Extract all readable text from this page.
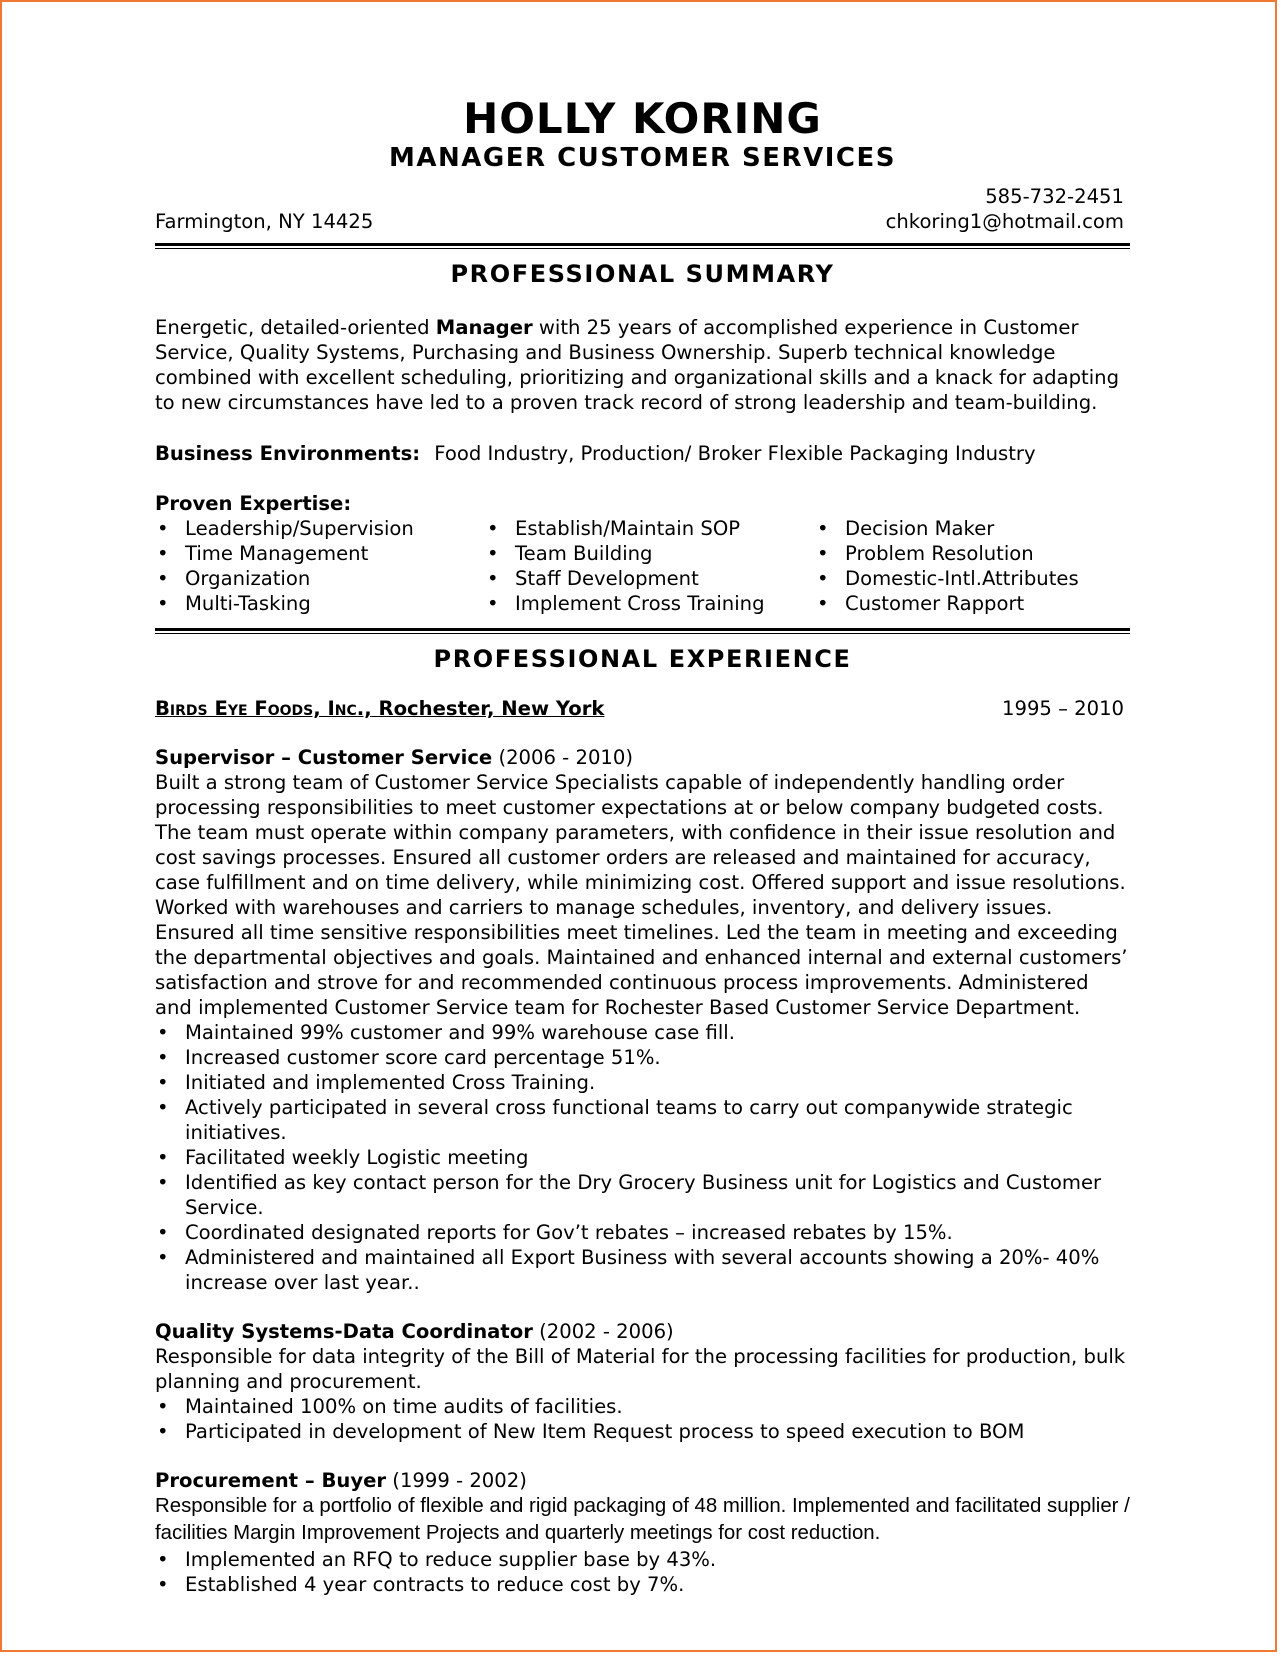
HOLLY KORING
MANAGER CUSTOMER SERVICES
585-732-2451
Farmington, NY 14425	chkoring1@hotmail.com
PROFESSIONAL SUMMARY

Energetic, detailed-oriented Manager with 25 years of accomplished experience in Customer Service, Quality Systems, Purchasing and Business Ownership. Superb technical knowledge combined with excellent scheduling, prioritizing and organizational skills and a knack for adapting to new circumstances have led to a proven track record of strong leadership and team-building.

Business Environments: Food Industry, Production/ Broker Flexible Packaging Industry

Proven Expertise:
• Leadership/Supervision	• Establish/Maintain SOP	• Decision Maker
• Time Management	• Team Building	• Problem Resolution
• Organization	• Staff Development	• Domestic-Intl.Attributes
• Multi-Tasking	• Implement Cross Training	• Customer Rapport
PROFESSIONAL EXPERIENCE
Birds Eye Foods, Inc., Rochester, New York	1995 – 2010

Supervisor – Customer Service (2006 - 2010)

Built a strong team of Customer Service Specialists capable of independently handling order processing responsibilities to meet customer expectations at or below company budgeted costs. The team must operate within company parameters, with confidence in their issue resolution and cost savings processes. Ensured all customer orders are released and maintained for accuracy, case fulfillment and on time delivery, while minimizing cost. Offered support and issue resolutions. Worked with warehouses and carriers to manage schedules, inventory, and delivery issues. Ensured all time sensitive responsibilities meet timelines. Led the team in meeting and exceeding the departmental objectives and goals. Maintained and enhanced internal and external customers’ satisfaction and strove for and recommended continuous process improvements. Administered and implemented Customer Service team for Rochester Based Customer Service Department.

• Maintained 99% customer and 99% warehouse case fill.
• Increased customer score card percentage 51%.
• Initiated and implemented Cross Training.
• Actively participated in several cross functional teams to carry out companywide strategic initiatives.
• Facilitated weekly Logistic meeting
• Identified as key contact person for the Dry Grocery Business unit for Logistics and Customer Service.
• Coordinated designated reports for Gov’t rebates – increased rebates by 15%.
• Administered and maintained all Export Business with several accounts showing a 20%- 40% increase over last year..

Quality Systems-Data Coordinator (2002 - 2006)

Responsible for data integrity of the Bill of Material for the processing facilities for production, bulk planning and procurement.

• Maintained 100% on time audits of facilities.
• Participated in development of New Item Request process to speed execution to BOM

Procurement – Buyer (1999 - 2002)

Responsible for a portfolio of flexible and rigid packaging of 48 million. Implemented and facilitated supplier / facilities Margin Improvement Projects and quarterly meetings for cost reduction.

• Implemented an RFQ to reduce supplier base by 43%.
• Established 4 year contracts to reduce cost by 7%.
